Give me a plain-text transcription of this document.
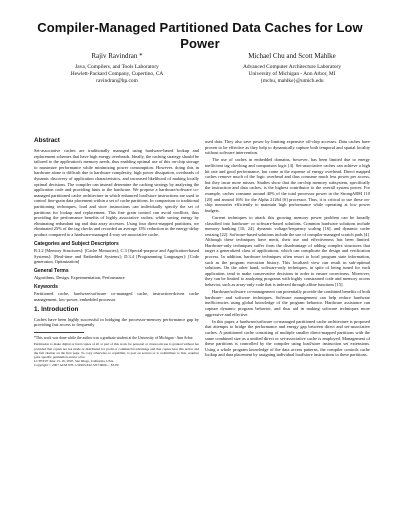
Compiler-Managed Partitioned Data Caches for Low Power
Rajiv Ravindran *
Java, Compilers, and Tools Laboratory
Hewlett-Packard Company, Cupertino, CA
ravindran@hp.com
Michael Chu and Scott Mahlke
Advanced Computer Architecture Laboratory
University of Michigan - Ann Arbor, MI
{mchu, mahlke}@umich.edu
Abstract

Set-associative caches are traditionally managed using hardware-based lookup and replacement schemes that have high energy overheads. Ideally, the caching strategy should be tailored to the application's memory needs, thus enabling optimal use of this on-chip storage to maximize performance while minimizing power consumption. However, doing this in hardware alone is difficult due to hardware complexity, high power dissipation, overheads of dynamic discovery of application characteristics, and increased likelihood of making locally optimal decisions. The compiler can instead determine the caching strategy by analyzing the application code and providing hints to the hardware. We propose a hardware/software co-managed partitioned cache architecture in which enhanced load/store instructions are used to control fine-grain data placement within a set of cache partitions. In comparison to traditional partitioning techniques, load and store instructions can individually specify the set of partitions for lookup and replacement. This fine grain control can avoid conflicts, thus providing the performance benefits of highly associative caches, while saving energy by eliminating redundant tag and data array accesses. Using four direct-mapped partitions, we eliminated 25% of the tag checks and recorded an average 15% reduction in the energy-delay product compared to a hardware-managed 4-way set-associative cache.

Categories and Subject Descriptors

B.3.2 [Memory Structures]: [Cache Memories]; C.3 [Special-purpose and Application-based Systems]: [Real-time and Embedded Systems]; D.3.4 [Programming Languages]: [Code generation, Optimization]

General Terms

Algorithms, Design, Experimentation, Performance

Keywords

Partitioned cache, hardware/software co-managed cache, instruction-driven cache management, low-power, embedded processor

1. Introduction

Caches have been highly successful in bridging the processor-memory performance gap by providing fast access to frequently

*This work was done while the author was a graduate student at the University of Michigan - Ann Arbor

Permission to make digital or hard copies of all or part of this work for personal or classroom use is granted without fee provided that copies are not made or distributed for profit or commercial advantage and that copies bear this notice and the full citation on the first page. To copy otherwise, to republish, to post on servers or to redistribute to lists, requires prior specific permission and/or a fee.

LCTES'07 June 13–16, 2007, San Diego, California, USA.

Copyright © 2007 ACM 978-1-59593-632-5/07/0006 ... $5.00

used data. They also save power by limiting expensive off-chip accesses. Data caches have proven to be effective as they help to dynamically capture both temporal and spatial locality without software intervention.

The use of caches in embedded domains, however, has been limited due to energy inefficient tag checking and comparison logic [4]. Set-associative caches can achieve a high hit rate and good performance, but come at the expense of energy overhead. Direct mapped caches remove much of the logic overhead and thus consume much less power per access, but they incur more misses. Studies show that the on-chip memory subsystem, specifically the instruction and data caches, is the highest contributor to the overall system power. For example, caches consume around 40% of the total processor power in the StrongARM 110 [20] and around 16% for the Alpha 21264 [6] processor. Thus, it is critical to use these on-chip memories efficiently to maintain high performance while operating at low power budgets.

Current techniques to attack this growing memory power problem can be broadly classified into hardware- or software-based solutions. Common hardware solutions include memory banking [10, 24], dynamic voltage/frequency scaling [16], and dynamic cache resizing [22]. Software-based solutions include the use of compiler-managed scratch pads [4]. Although these techniques have merit, their use and effectiveness has been limited. Hardware-only techniques suffer from the disadvantage of adding complex structures that target a generalized class of applications, which can complicate the design and verification process. In addition, hardware techniques often resort to local program state information, such as the program execution history. This localized view can result in sub-optimal solutions. On the other hand, software-only techniques, in spite of being tuned for each application, tend to make conservative decisions in order to ensure correctness. Moreover, they can be limited to analyzing programs with highly constrained code and memory access behavior, such as array-only code that is indexed through affine functions [15].

Hardware/software co-management can potentially provide the combined benefits of both hardware- and software techniques. Software management can help reduce hardware inefficiencies using global knowledge of the program behavior. Hardware assistance can capture dynamic program behavior, and thus aid in making software techniques more aggressive and effective.

In this paper, a hardware/software co-managed partitioned cache architecture is proposed that attempts to bridge the performance and energy gap between direct and set-associative caches. A partitioned cache consisting of multiple smaller direct-mapped partitions with the same combined size as a unified direct or set-associative cache is employed. Management of these partitions is controlled by the compiler using load/store instruction set extensions. Using a whole program knowledge of the data access patterns, the compiler controls cache lookup and data placement by assigning individual load/store instructions to these partitions.
